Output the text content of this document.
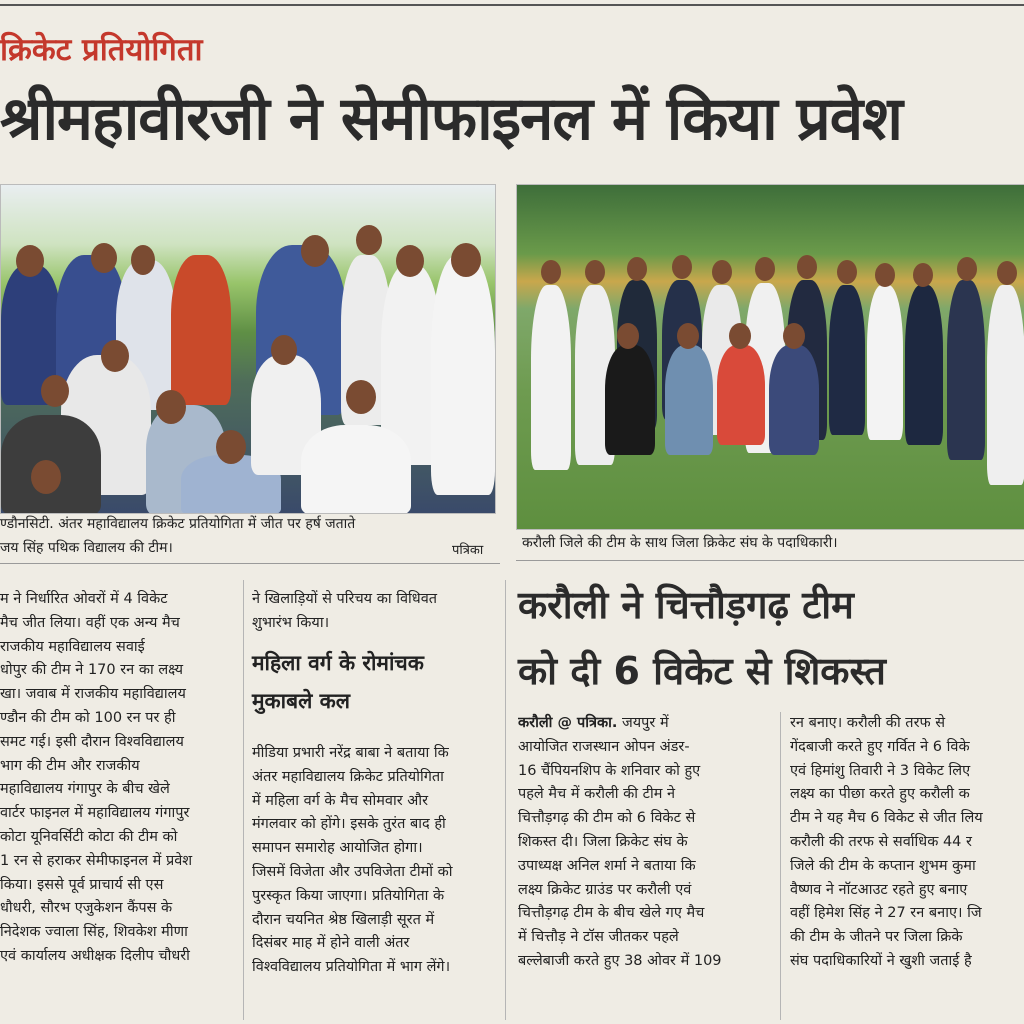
क्रिकेट प्रतियोगिता
श्रीमहावीरजी ने सेमीफाइनल में किया प्रवेश
ण्डौनसिटी. अंतर महाविद्यालय क्रिकेट प्रतियोगिता में जीत पर हर्ष जताते
जय सिंह पथिक विद्यालय की टीम।	पत्रिका	करौली जिले की टीम के साथ जिला क्रिकेट संघ के पदाधिकारी।
म ने निर्धारित ओवरों में 4 विकेट
मैच जीत लिया। वहीं एक अन्य मैच
राजकीय महाविद्यालय सवाई
धोपुर की टीम ने 170 रन का लक्ष्य
खा। जवाब में राजकीय महाविद्यालय
ण्डौन की टीम को 100 रन पर ही
समट गई। इसी दौरान विश्वविद्यालय
भाग की टीम और राजकीय
महाविद्यालय गंगापुर के बीच खेले
वार्टर फाइनल में महाविद्यालय गंगापुर
कोटा यूनिवर्सिटी कोटा की टीम को
1 रन से हराकर सेमीफाइनल में प्रवेश
किया। इससे पूर्व प्राचार्य सी एस
धौधरी, सौरभ एजुकेशन कैंपस के
निदेशक ज्वाला सिंह, शिवकेश मीणा
एवं कार्यालय अधीक्षक दिलीप चौधरी
ने खिलाड़ियों से परिचय का विधिवत
शुभारंभ किया।
महिला वर्ग के रोमांचक
मुकाबले कल
मीडिया प्रभारी नरेंद्र बाबा ने बताया कि
अंतर महाविद्यालय क्रिकेट प्रतियोगिता
में महिला वर्ग के मैच सोमवार और
मंगलवार को होंगे। इसके तुरंत बाद ही
समापन समारोह आयोजित होगा।
जिसमें विजेता और उपविजेता टीमों को
पुरस्कृत किया जाएगा। प्रतियोगिता के
दौरान चयनित श्रेष्ठ खिलाड़ी सूरत में
दिसंबर माह में होने वाली अंतर
विश्वविद्यालय प्रतियोगिता में भाग लेंगे।
करौली ने चित्तौड़गढ़ टीम
को दी 6 विकेट से शिकस्त
करौली @ पत्रिका. जयपुर में
आयोजित राजस्थान ओपन अंडर-
16 चैंपियनशिप के शनिवार को हुए
पहले मैच में करौली की टीम ने
चित्तौड़गढ़ की टीम को 6 विकेट से
शिकस्त दी। जिला क्रिकेट संघ के
उपाध्यक्ष अनिल शर्मा ने बताया कि
लक्ष्य क्रिकेट ग्राउंड पर करौली एवं
चित्तौड़गढ़ टीम के बीच खेले गए मैच
में चित्तौड़ ने टॉस जीतकर पहले
बल्लेबाजी करते हुए 38 ओवर में 109
रन बनाए। करौली की तरफ से
गेंदबाजी करते हुए गर्वित ने 6 विके
एवं हिमांशु तिवारी ने 3 विकेट लिए
लक्ष्य का पीछा करते हुए करौली क
टीम ने यह मैच 6 विकेट से जीत लिय
करौली की तरफ से सर्वाधिक 44 र
जिले की टीम के कप्तान शुभम कुमा
वैष्णव ने नॉटआउट रहते हुए बनाए
वहीं हिमेश सिंह ने 27 रन बनाए। जि
की टीम के जीतने पर जिला क्रिके
संघ पदाधिकारियों ने खुशी जताई है
